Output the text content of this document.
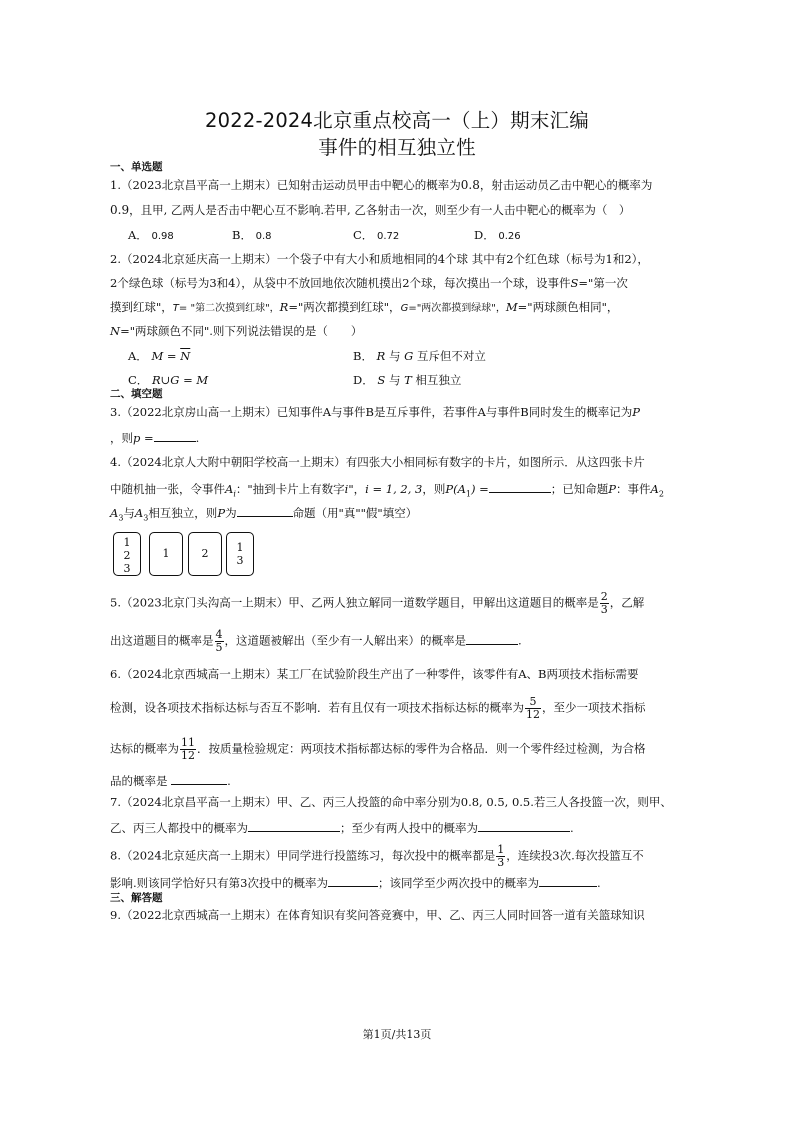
2022-2024北京重点校高一（上）期末汇编
事件的相互独立性
一、单选题
1.（2023北京昌平高一上期末）已知射击运动员甲击中靶心的概率为0.8，射击运动员乙击中靶心的概率为
0.9，且甲, 乙两人是否击中靶心互不影响.若甲, 乙各射击一次，则至少有一人击中靶心的概率为（　）
A． 0.98	B． 0.8	C． 0.72	D． 0.26
2.（2024北京延庆高一上期末）一个袋子中有大小和质地相同的4个球 其中有2个红色球（标号为1和2），
2个绿色球（标号为3和4），从袋中不放回地依次随机摸出2个球，每次摸出一个球，设事件S="第一次
摸到红球"，T= "第二次摸到红球"，R="两次都摸到红球"，G="两次都摸到绿球"，M="两球颜色相同"，
N="两球颜色不同".则下列说法错误的是（　　）
A． $M = \overline{N}$	B． R 与 G 互斥但不对立
C． R∪G = M	D． S 与 T 相互独立
二、填空题
3.（2022北京房山高一上期末）已知事件A与事件B是互斥事件，若事件A与事件B同时发生的概率记为P
，则p =	.
4.（2024北京人大附中朝阳学校高一上期末）有四张大小相同标有数字的卡片，如图所示．从这四张卡片
中随机抽一张，令事件$A_i$："抽到卡片上有数字i"，i = 1, 2, 3，则$P(A_1)$ =	；已知命题P：事件$A_2$
$A_3$与$A_3$相互独立，则P为	命题（用"真""假"填空）
1
2
3
1	2	1
3
5.（2023北京门头沟高一上期末）甲、乙两人独立解同一道数学题目，甲解出这道题目的概率是 $\frac{2}{3}$ ，乙解
出这道题目的概率是 $\frac{4}{5}$ ，这道题被解出（至少有一人解出来）的概率是	.
6.（2024北京西城高一上期末）某工厂在试验阶段生产出了一种零件，该零件有A、B两项技术指标需要
检测，设各项技术指标达标与否互不影响．若有且仅有一项技术指标达标的概率为 $\frac{5}{12}$ ，至少一项技术指标
达标的概率为 $\frac{11}{12}$ ．按质量检验规定：两项技术指标都达标的零件为合格品．则一个零件经过检测，为合格
品的概率是	.
7.（2024北京昌平高一上期末）甲、乙、丙三人投篮的命中率分别为0.8, 0.5, 0.5.若三人各投篮一次，则甲、
乙、丙三人都投中的概率为	；至少有两人投中的概率为	.
8.（2024北京延庆高一上期末）甲同学进行投篮练习，每次投中的概率都是 $\frac{1}{3}$ ，连续投3次.每次投篮互不
影响.则该同学恰好只有第3次投中的概率为	；该同学至少两次投中的概率为	.
三、解答题
9.（2022北京西城高一上期末）在体育知识有奖问答竞赛中，甲、乙、丙三人同时回答一道有关篮球知识
第1页/共13页
